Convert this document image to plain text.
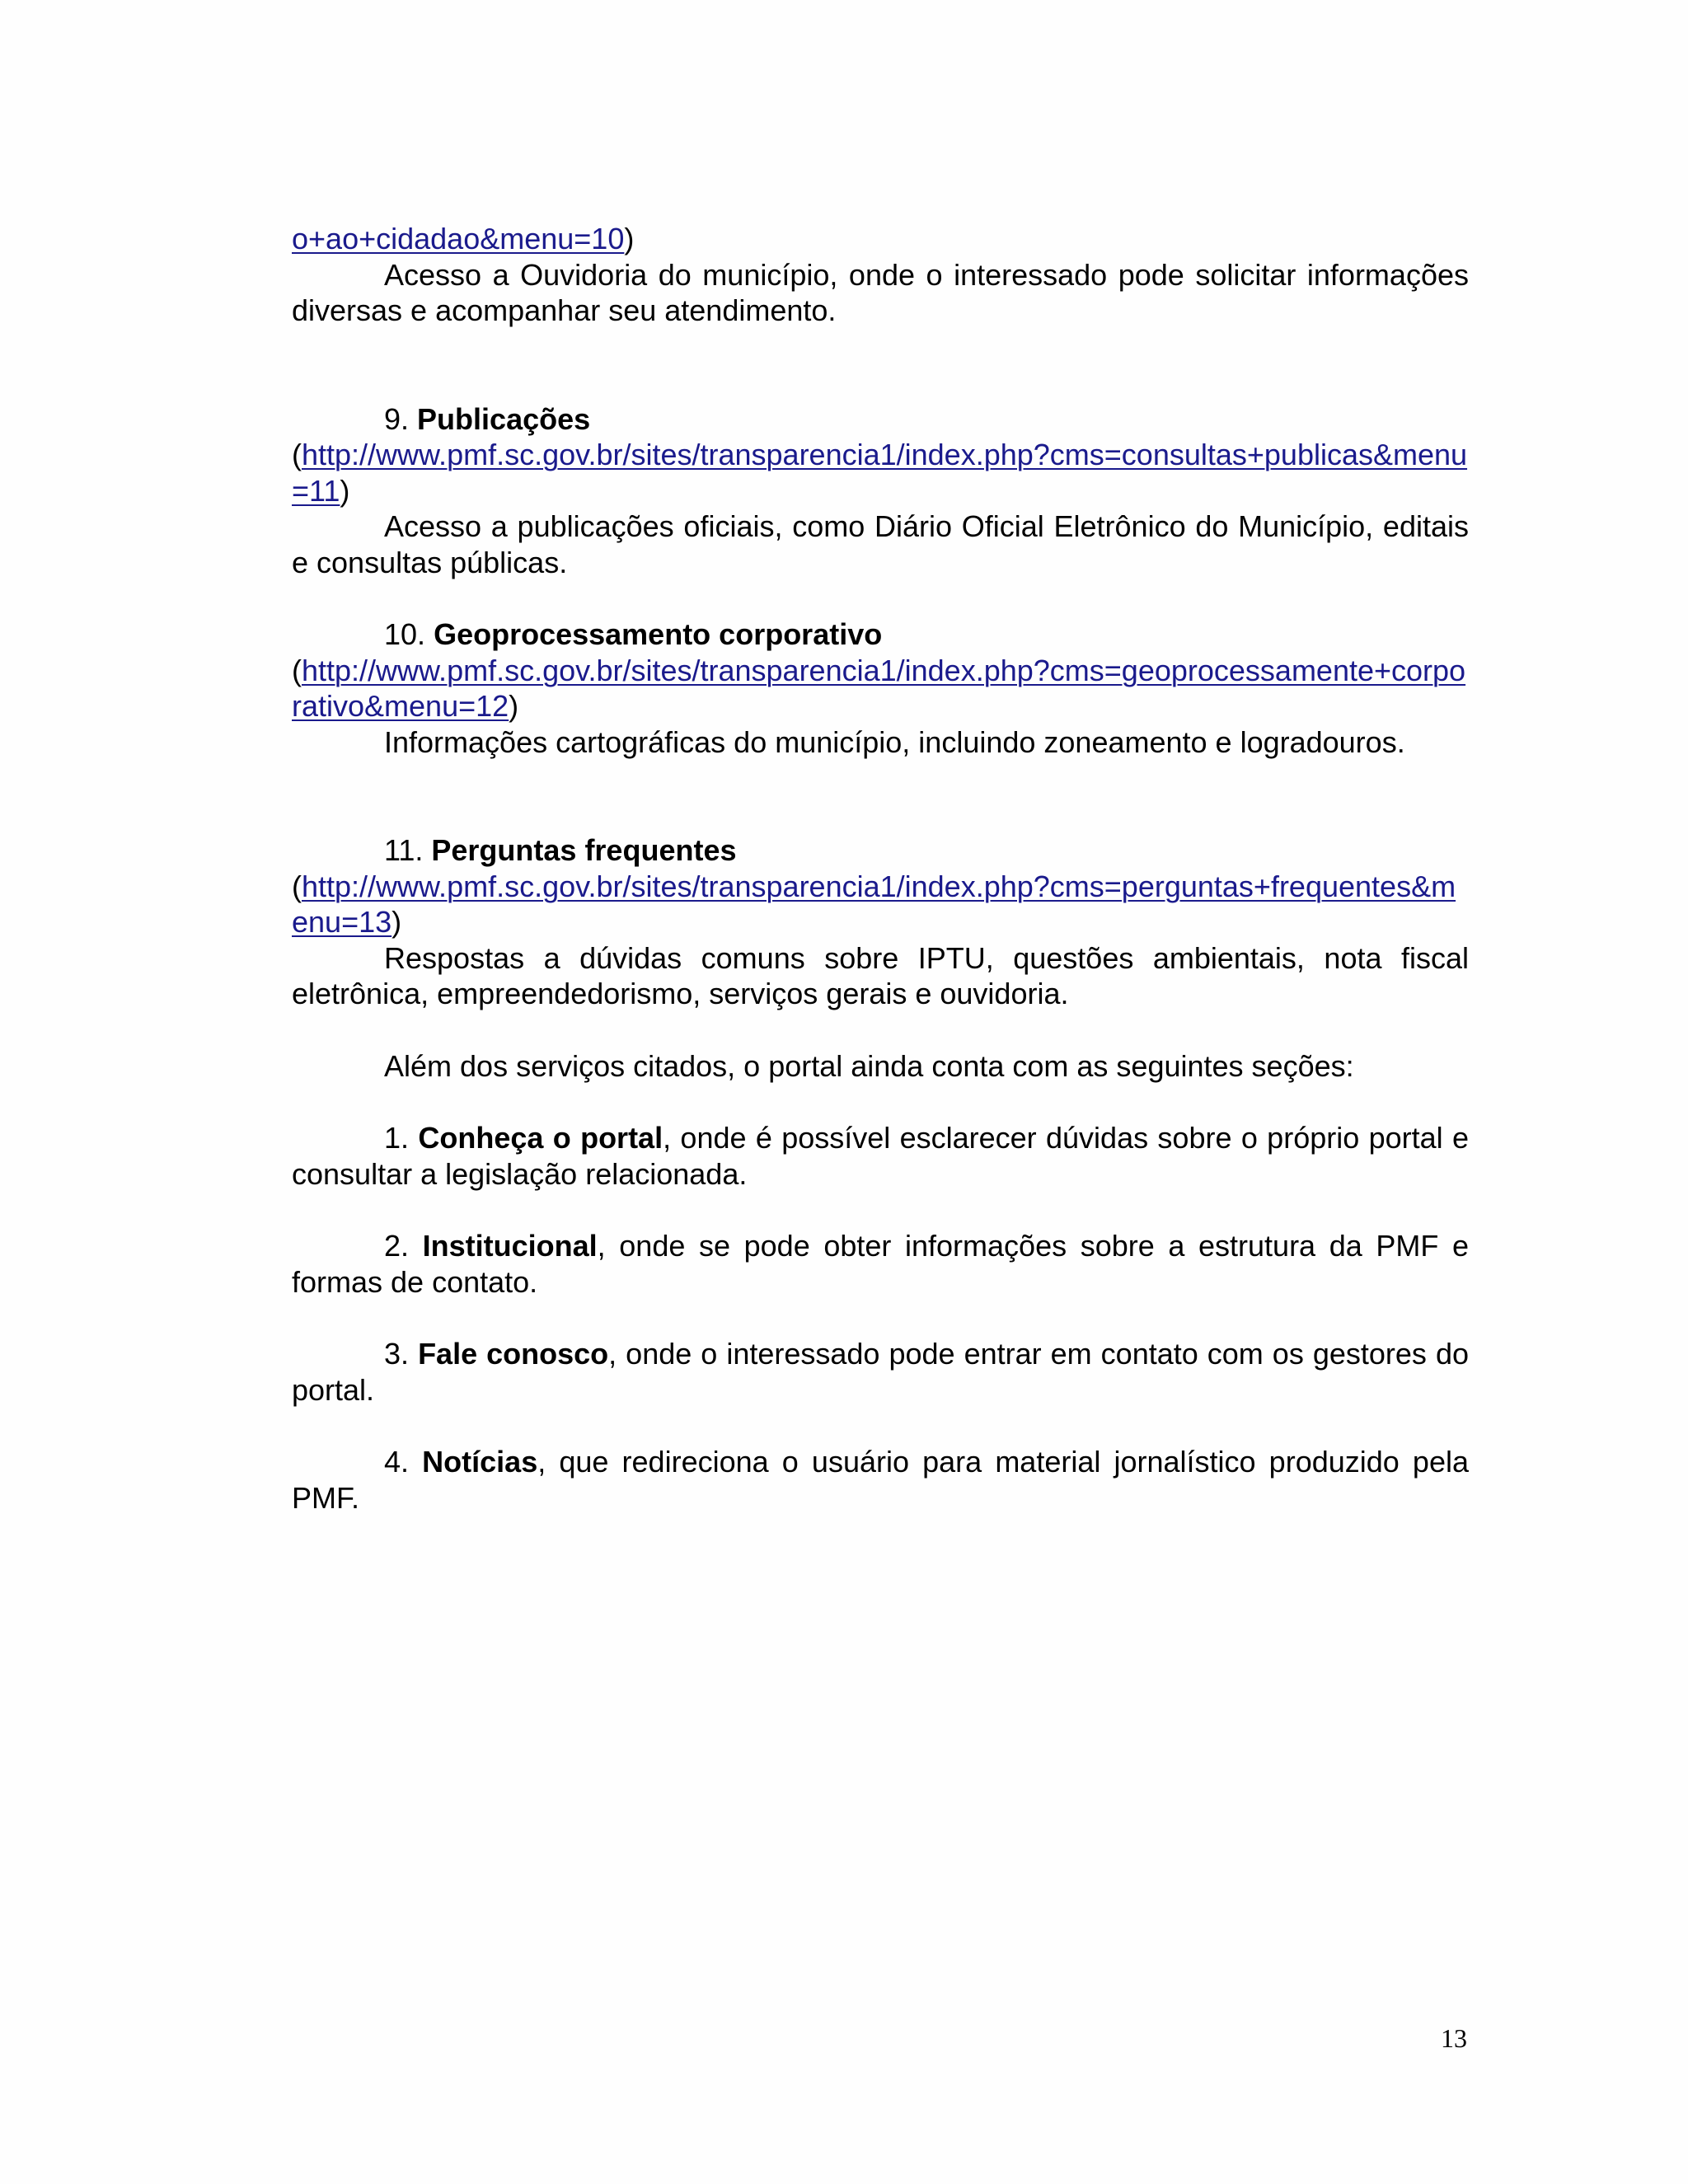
o+ao+cidadao&menu=10)

Acesso a Ouvidoria do município, onde o interessado pode solicitar informações diversas e acompanhar seu atendimento.

9. Publicações

(http://www.pmf.sc.gov.br/sites/transparencia1/index.php?cms=consultas+publicas&menu=11)

Acesso a publicações oficiais, como Diário Oficial Eletrônico do Município, editais e consultas públicas.

10. Geoprocessamento corporativo

(http://www.pmf.sc.gov.br/sites/transparencia1/index.php?cms=geoprocessamente+corporativo&menu=12)

Informações cartográficas do município, incluindo zoneamento e logradouros.

11. Perguntas frequentes

(http://www.pmf.sc.gov.br/sites/transparencia1/index.php?cms=perguntas+frequentes&menu=13)

Respostas a dúvidas comuns sobre IPTU, questões ambientais, nota fiscal eletrônica, empreendedorismo, serviços gerais e ouvidoria.

Além dos serviços citados, o portal ainda conta com as seguintes seções:

1. Conheça o portal, onde é possível esclarecer dúvidas sobre o próprio portal e consultar a legislação relacionada.

2. Institucional, onde se pode obter informações sobre a estrutura da PMF e formas de contato.

3. Fale conosco, onde o interessado pode entrar em contato com os gestores do portal.

4. Notícias, que redireciona o usuário para material jornalístico produzido pela PMF.

13
